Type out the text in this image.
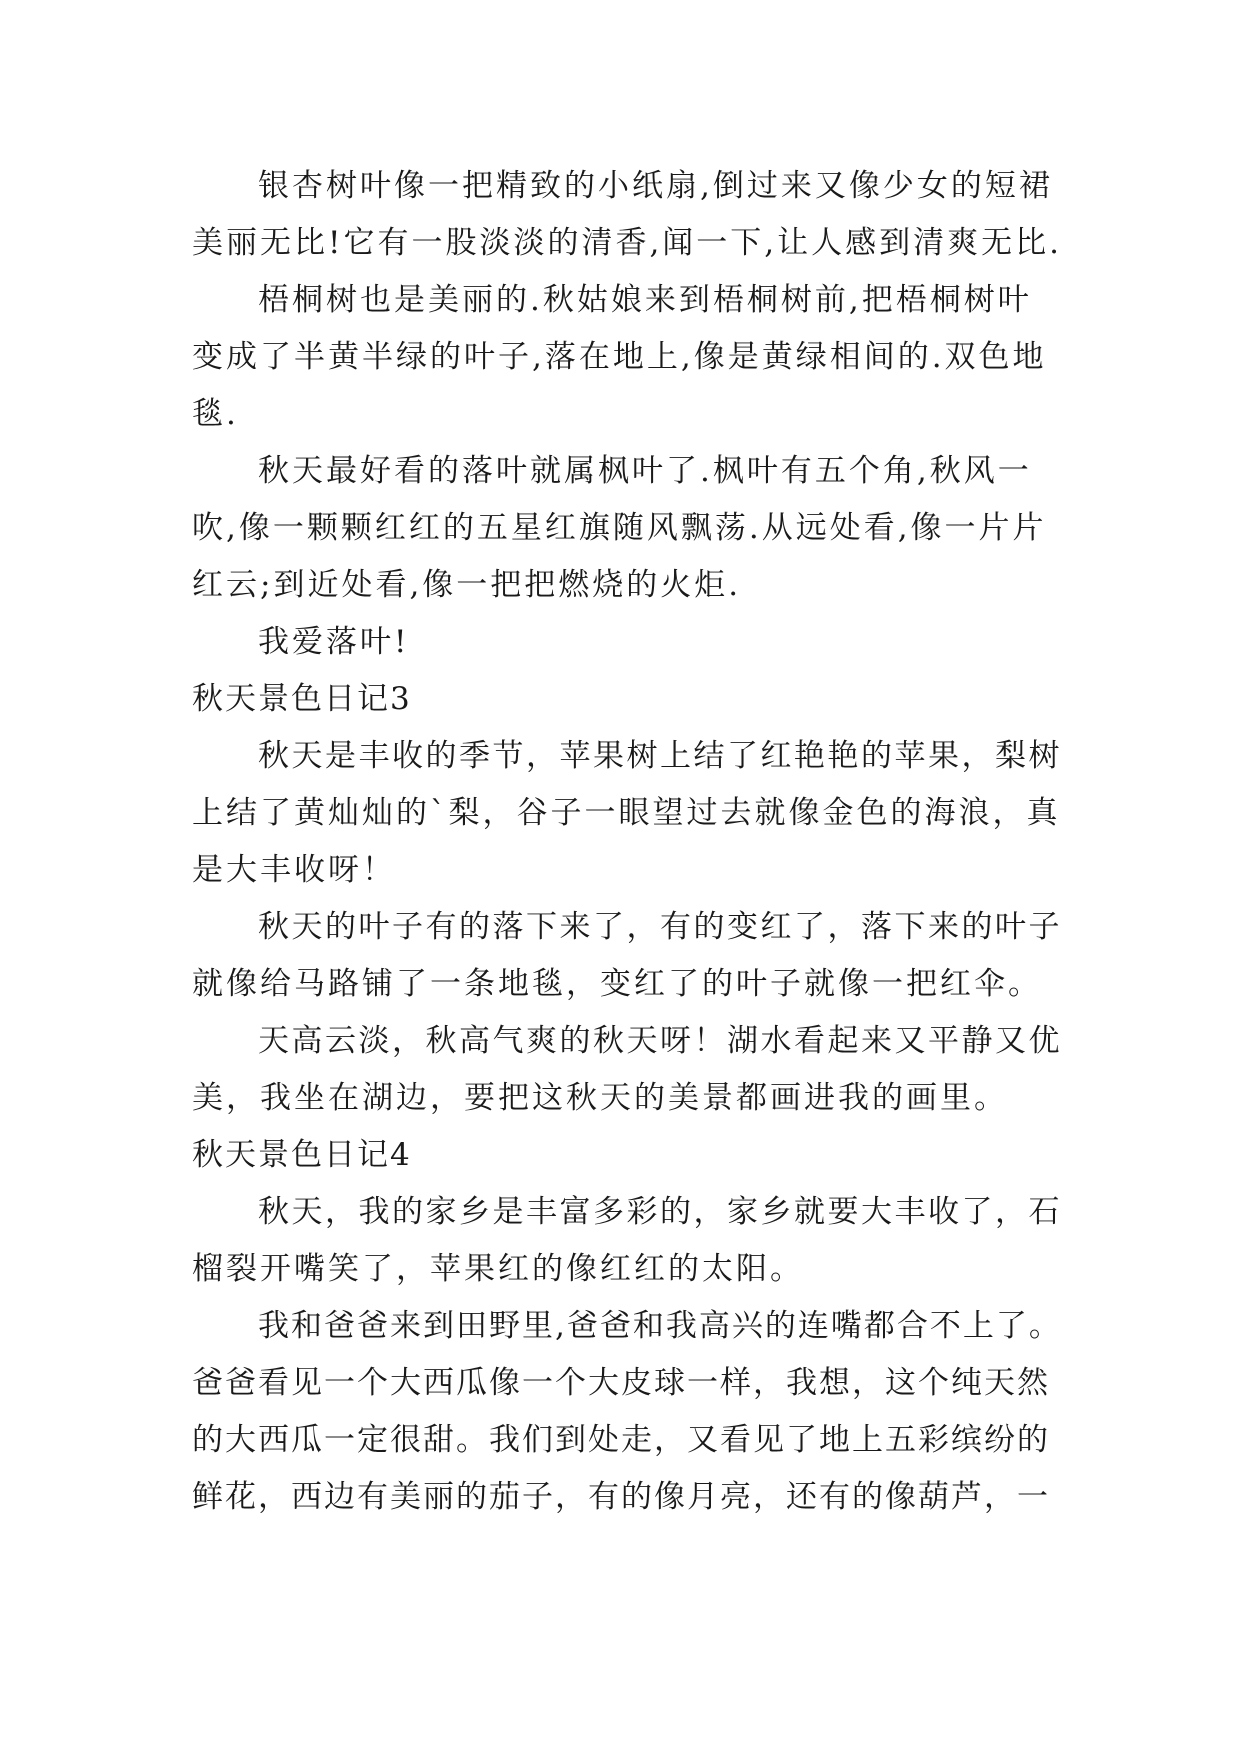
银杏树叶像一把精致的小纸扇,倒过来又像少女的短裙
美丽无比!它有一股淡淡的清香,闻一下,让人感到清爽无比.
梧桐树也是美丽的.秋姑娘来到梧桐树前,把梧桐树叶
变成了半黄半绿的叶子,落在地上,像是黄绿相间的.双色地
毯.
秋天最好看的落叶就属枫叶了.枫叶有五个角,秋风一
吹,像一颗颗红红的五星红旗随风飘荡.从远处看,像一片片
红云;到近处看,像一把把燃烧的火炬.
我爱落叶!
秋天景色日记3
秋天是丰收的季节，苹果树上结了红艳艳的苹果，梨树
上结了黄灿灿的`梨，谷子一眼望过去就像金色的海浪，真
是大丰收呀！
秋天的叶子有的落下来了，有的变红了，落下来的叶子
就像给马路铺了一条地毯，变红了的叶子就像一把红伞。
天高云淡，秋高气爽的秋天呀！湖水看起来又平静又优
美，我坐在湖边，要把这秋天的美景都画进我的画里。
秋天景色日记4
秋天，我的家乡是丰富多彩的，家乡就要大丰收了，石
榴裂开嘴笑了，苹果红的像红红的太阳。
我和爸爸来到田野里,爸爸和我高兴的连嘴都合不上了。
爸爸看见一个大西瓜像一个大皮球一样，我想，这个纯天然
的大西瓜一定很甜。我们到处走，又看见了地上五彩缤纷的
鲜花，西边有美丽的茄子，有的像月亮，还有的像葫芦，一
